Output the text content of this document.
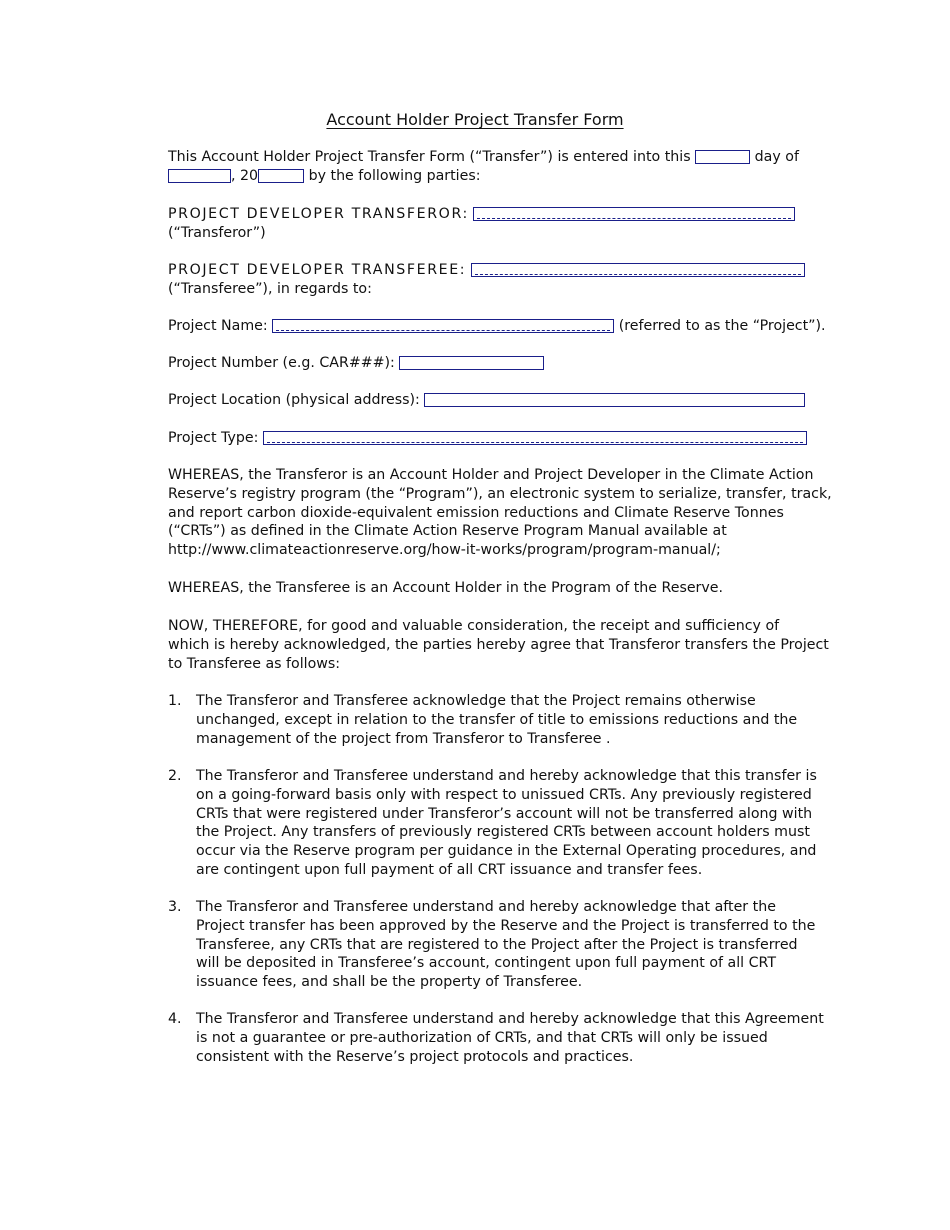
Account Holder Project Transfer Form
This Account Holder Project Transfer Form (“Transfer”) is entered into this	day of
, 20	by the following parties:
PROJECT DEVELOPER TRANSFEROR:
(“Transferor”)
PROJECT DEVELOPER TRANSFEREE:
(“Transferee”), in regards to:
Project Name:	(referred to as the “Project”).
Project Number (e.g. CAR###):
Project Location (physical address):
Project Type:
WHEREAS, the Transferor is an Account Holder and Project Developer in the Climate Action
Reserve’s registry program (the “Program”), an electronic system to serialize, transfer, track,
and report carbon dioxide-equivalent emission reductions and Climate Reserve Tonnes
(“CRTs”) as defined in the Climate Action Reserve Program Manual available at
http://www.climateactionreserve.org/how-it-works/program/program-manual/;
WHEREAS, the Transferee is an Account Holder in the Program of the Reserve.
NOW, THEREFORE, for good and valuable consideration, the receipt and sufficiency of
which is hereby acknowledged, the parties hereby agree that Transferor transfers the Project
to Transferee as follows:
1. The Transferor and Transferee acknowledge that the Project remains otherwise
unchanged, except in relation to the transfer of title to emissions reductions and the
management of the project from Transferor to Transferee .
2. The Transferor and Transferee understand and hereby acknowledge that this transfer is
on a going-forward basis only with respect to unissued CRTs. Any previously registered
CRTs that were registered under Transferor’s account will not be transferred along with
the Project. Any transfers of previously registered CRTs between account holders must
occur via the Reserve program per guidance in the External Operating procedures, and
are contingent upon full payment of all CRT issuance and transfer fees.
3. The Transferor and Transferee understand and hereby acknowledge that after the
Project transfer has been approved by the Reserve and the Project is transferred to the
Transferee, any CRTs that are registered to the Project after the Project is transferred
will be deposited in Transferee’s account, contingent upon full payment of all CRT
issuance fees, and shall be the property of Transferee.
4. The Transferor and Transferee understand and hereby acknowledge that this Agreement
is not a guarantee or pre-authorization of CRTs, and that CRTs will only be issued
consistent with the Reserve’s project protocols and practices.
